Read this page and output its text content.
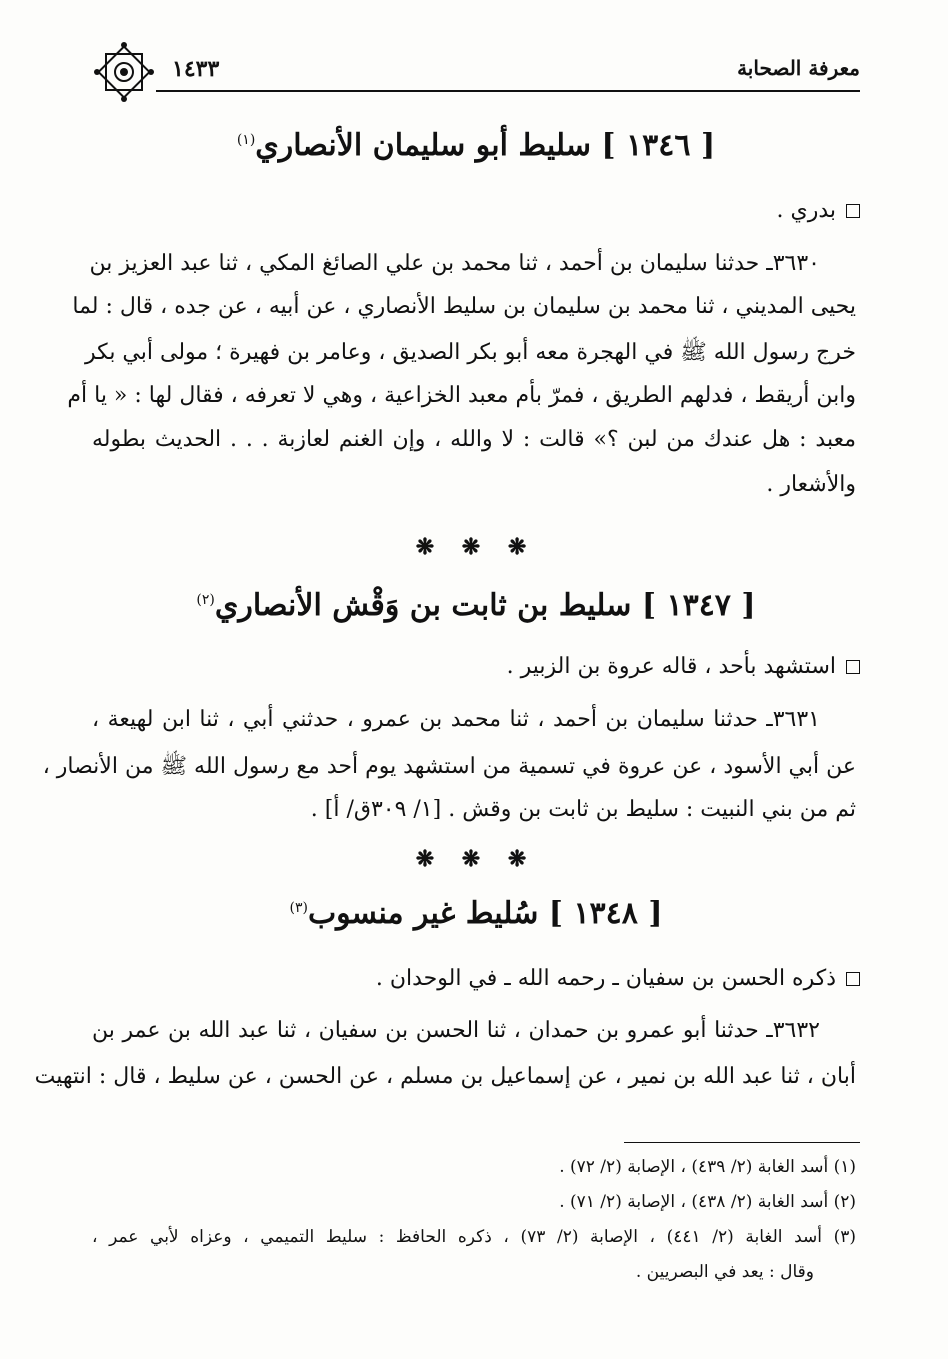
معرفة الصحابة
١٤٣٣
[ ١٣٤٦ ] سليط أبو سليمان الأنصاري$^{(١)}$
بدري .
٣٦٣٠ـ حدثنا سليمان بن أحمد ، ثنا محمد بن علي الصائغ المكي ، ثنا عبد العزيز بن
يحيى المديني ، ثنا محمد بن سليمان بن سليط الأنصاري ، عن أبيه ، عن جده ، قال : لما
خرج رسول الله ﷺ في الهجرة معه أبو بكر الصديق ، وعامر بن فهيرة ؛ مولى أبي بكر
وابن أريقط ، فدلهم الطريق ، فمرّ بأم معبد الخزاعية ، وهي لا تعرفه ، فقال لها : « يا أم
معبد : هل عندك من لبن ؟» قالت : لا والله ، وإن الغنم لعازبة . . . الحديث بطوله
والأشعار .
❋ ❋ ❋
[ ١٣٤٧ ] سليط بن ثابت بن وَقْش الأنصاري$^{(٢)}$
استشهد بأحد ، قاله عروة بن الزبير .
٣٦٣١ـ حدثنا سليمان بن أحمد ، ثنا محمد بن عمرو ، حدثني أبي ، ثنا ابن لهيعة ،
عن أبي الأسود ، عن عروة في تسمية من استشهد يوم أحد مع رسول الله ﷺ من الأنصار ،
ثم من بني النبيت : سليط بن ثابت بن وقش . [١/ ٣٠٩ق/ أ] .
❋ ❋ ❋
[ ١٣٤٨ ] سُليط غير منسوب$^{(٣)}$
ذكره الحسن بن سفيان ـ رحمه الله ـ في الوحدان .
٣٦٣٢ـ حدثنا أبو عمرو بن حمدان ، ثنا الحسن بن سفيان ، ثنا عبد الله بن عمر بن
أبان ، ثنا عبد الله بن نمير ، عن إسماعيل بن مسلم ، عن الحسن ، عن سليط ، قال : انتهيت
(١) أسد الغابة (٢/ ٤٣٩) ، الإصابة (٢/ ٧٢) .
(٢) أسد الغابة (٢/ ٤٣٨) ، الإصابة (٢/ ٧١) .
(٣) أسد الغابة (٢/ ٤٤١) ، الإصابة (٢/ ٧٣) ، ذكره الحافظ : سليط التميمي ، وعزاه لأبي عمر ،
وقال : يعد في البصريين .
